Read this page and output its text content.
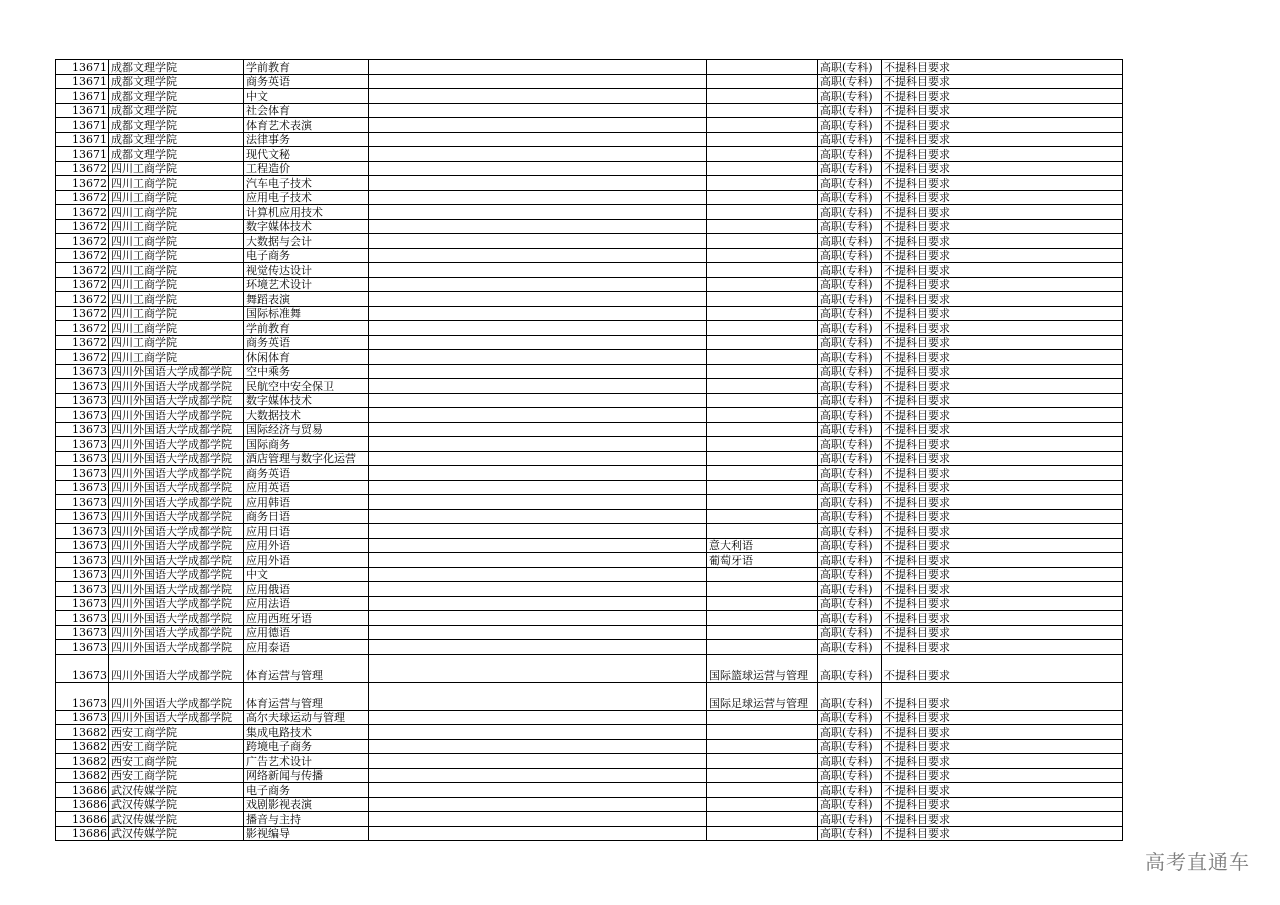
13671	成都文理学院	学前教育			高职(专科)	不提科目要求
13671	成都文理学院	商务英语			高职(专科)	不提科目要求
13671	成都文理学院	中文			高职(专科)	不提科目要求
13671	成都文理学院	社会体育			高职(专科)	不提科目要求
13671	成都文理学院	体育艺术表演			高职(专科)	不提科目要求
13671	成都文理学院	法律事务			高职(专科)	不提科目要求
13671	成都文理学院	现代文秘			高职(专科)	不提科目要求
13672	四川工商学院	工程造价			高职(专科)	不提科目要求
13672	四川工商学院	汽车电子技术			高职(专科)	不提科目要求
13672	四川工商学院	应用电子技术			高职(专科)	不提科目要求
13672	四川工商学院	计算机应用技术			高职(专科)	不提科目要求
13672	四川工商学院	数字媒体技术			高职(专科)	不提科目要求
13672	四川工商学院	大数据与会计			高职(专科)	不提科目要求
13672	四川工商学院	电子商务			高职(专科)	不提科目要求
13672	四川工商学院	视觉传达设计			高职(专科)	不提科目要求
13672	四川工商学院	环境艺术设计			高职(专科)	不提科目要求
13672	四川工商学院	舞蹈表演			高职(专科)	不提科目要求
13672	四川工商学院	国际标准舞			高职(专科)	不提科目要求
13672	四川工商学院	学前教育			高职(专科)	不提科目要求
13672	四川工商学院	商务英语			高职(专科)	不提科目要求
13672	四川工商学院	休闲体育			高职(专科)	不提科目要求
13673	四川外国语大学成都学院	空中乘务			高职(专科)	不提科目要求
13673	四川外国语大学成都学院	民航空中安全保卫			高职(专科)	不提科目要求
13673	四川外国语大学成都学院	数字媒体技术			高职(专科)	不提科目要求
13673	四川外国语大学成都学院	大数据技术			高职(专科)	不提科目要求
13673	四川外国语大学成都学院	国际经济与贸易			高职(专科)	不提科目要求
13673	四川外国语大学成都学院	国际商务			高职(专科)	不提科目要求
13673	四川外国语大学成都学院	酒店管理与数字化运营			高职(专科)	不提科目要求
13673	四川外国语大学成都学院	商务英语			高职(专科)	不提科目要求
13673	四川外国语大学成都学院	应用英语			高职(专科)	不提科目要求
13673	四川外国语大学成都学院	应用韩语			高职(专科)	不提科目要求
13673	四川外国语大学成都学院	商务日语			高职(专科)	不提科目要求
13673	四川外国语大学成都学院	应用日语			高职(专科)	不提科目要求
13673	四川外国语大学成都学院	应用外语		意大利语	高职(专科)	不提科目要求
13673	四川外国语大学成都学院	应用外语		葡萄牙语	高职(专科)	不提科目要求
13673	四川外国语大学成都学院	中文			高职(专科)	不提科目要求
13673	四川外国语大学成都学院	应用俄语			高职(专科)	不提科目要求
13673	四川外国语大学成都学院	应用法语			高职(专科)	不提科目要求
13673	四川外国语大学成都学院	应用西班牙语			高职(专科)	不提科目要求
13673	四川外国语大学成都学院	应用德语			高职(专科)	不提科目要求
13673	四川外国语大学成都学院	应用泰语			高职(专科)	不提科目要求
13673	四川外国语大学成都学院	体育运营与管理		国际篮球运营与管理	高职(专科)	不提科目要求
13673	四川外国语大学成都学院	体育运营与管理		国际足球运营与管理	高职(专科)	不提科目要求
13673	四川外国语大学成都学院	高尔夫球运动与管理			高职(专科)	不提科目要求
13682	西安工商学院	集成电路技术			高职(专科)	不提科目要求
13682	西安工商学院	跨境电子商务			高职(专科)	不提科目要求
13682	西安工商学院	广告艺术设计			高职(专科)	不提科目要求
13682	西安工商学院	网络新闻与传播			高职(专科)	不提科目要求
13686	武汉传媒学院	电子商务			高职(专科)	不提科目要求
13686	武汉传媒学院	戏剧影视表演			高职(专科)	不提科目要求
13686	武汉传媒学院	播音与主持			高职(专科)	不提科目要求
13686	武汉传媒学院	影视编导			高职(专科)	不提科目要求
高考直通车
